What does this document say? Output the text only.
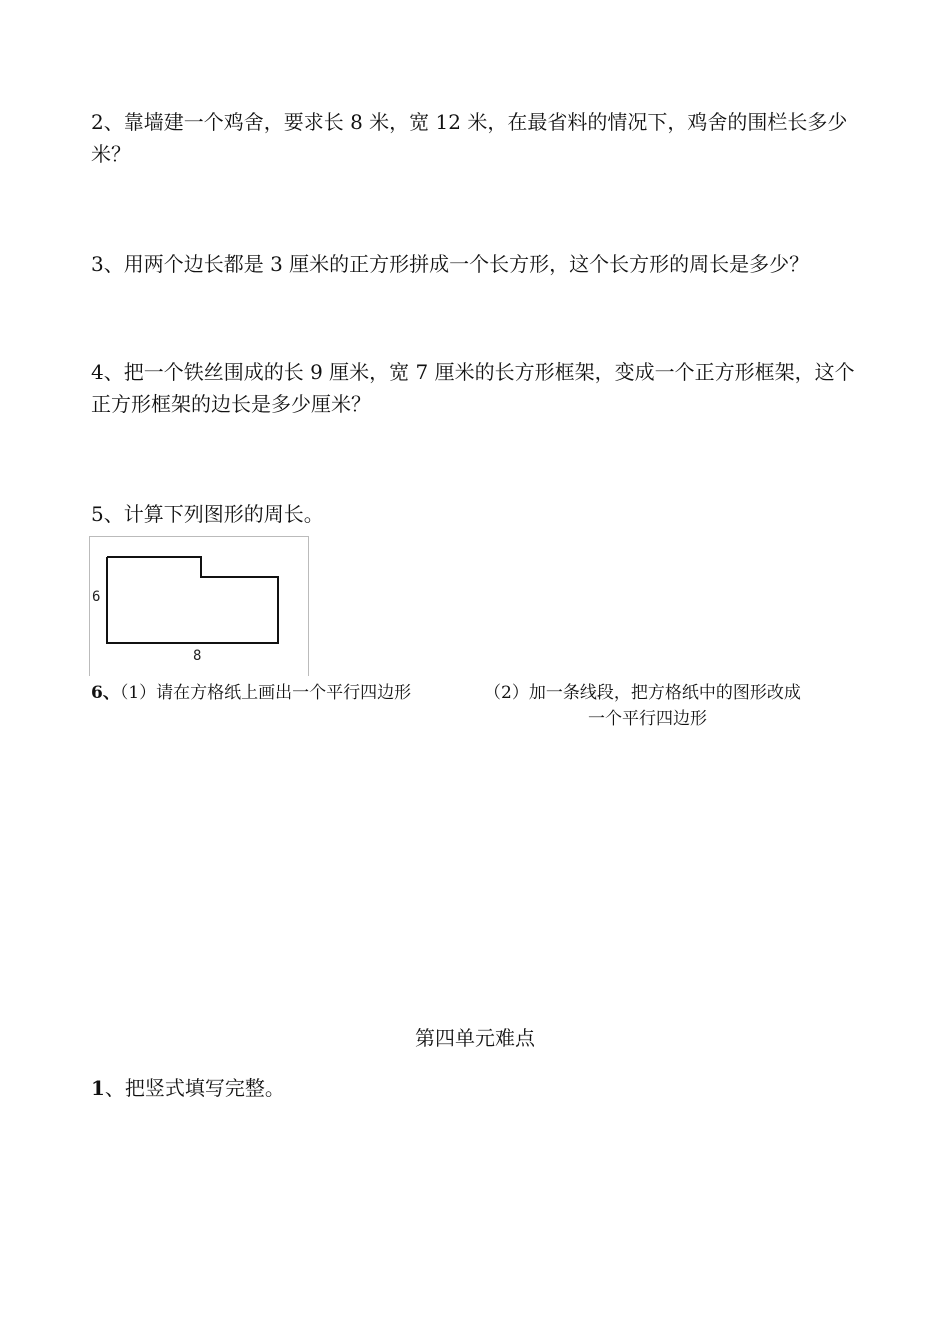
2、靠墙建一个鸡舍，要求长 8 米，宽 12 米，在最省料的情况下，鸡舍的围栏长多少米？

3、用两个边长都是 3 厘米的正方形拼成一个长方形，这个长方形的周长是多少？

4、把一个铁丝围成的长 9 厘米，宽 7 厘米的长方形框架，变成一个正方形框架，这个正方形框架的边长是多少厘米？

5、计算下列图形的周长。

6
8

6、（1）请在方格纸上画出一个平行四边形	（2）加一条线段，把方格纸中的图形改成
一个平行四边形

第四单元难点

1、把竖式填写完整。
